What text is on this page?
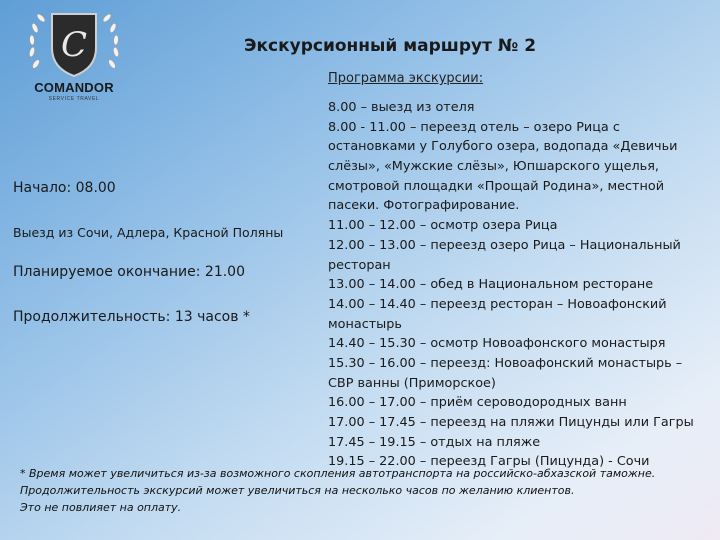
C
COMANDOR
SERVICE TRAVEL
Экскурсионный маршрут № 2
Программа экскурсии:
Начало: 08.00
Выезд из Сочи, Адлера, Красной Поляны
Планируемое окончание: 21.00
Продолжительность: 13 часов *
8.00 – выезд из отеля
8.00 - 11.00 – переезд отель – озеро Рица с
остановками у Голубого озера, водопада «Девичьи
слёзы», «Мужские слёзы», Юпшарского ущелья,
смотровой площадки «Прощай Родина», местной
пасеки. Фотографирование.
11.00 – 12.00 – осмотр озера Рица
12.00 – 13.00 – переезд озеро Рица – Национальный
ресторан
13.00 – 14.00 – обед в Национальном ресторане
14.00 – 14.40 – переезд ресторан – Новоафонский
монастырь
14.40 – 15.30 – осмотр Новоафонского монастыря
15.30 – 16.00 – переезд: Новоафонский монастырь –
СВР ванны (Приморское)
16.00 – 17.00 – приём сероводородных ванн
17.00 – 17.45 – переезд на пляжи Пицунды или Гагры
17.45 – 19.15 – отдых на пляже
19.15 – 22.00 – переезд Гагры (Пицунда) - Сочи
* Время может увеличиться из-за возможного скопления автотранспорта на российско-абхазской таможне.
Продолжительность экскурсий может увеличиться на несколько часов по желанию клиентов.
Это не повлияет на оплату.
